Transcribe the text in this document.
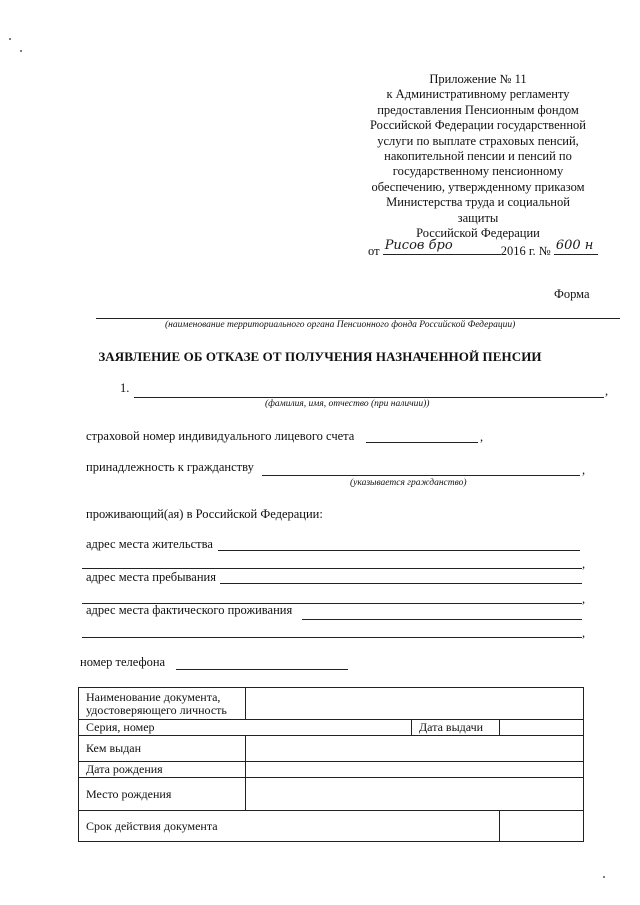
Приложение № 11
к Административному регламенту
предоставления Пенсионным фондом
Российской Федерации государственной
услуги по выплате страховых пенсий,
накопительной пенсии и пенсий по
государственному пенсионному
обеспечению, утвержденному приказом
Министерства труда и социальной
защиты
Российской Федерации
от Рисов бро	2016 г. № 600 н
Форма
(наименование территориального органа Пенсионного фонда Российской Федерации)
ЗАЯВЛЕНИЕ ОБ ОТКАЗЕ ОТ ПОЛУЧЕНИЯ НАЗНАЧЕННОЙ ПЕНСИИ
1.	,
(фамилия, имя, отчество (при наличии))
страховой номер индивидуального лицевого счета	,
принадлежность к гражданству	,
(указывается гражданство)
проживающий(ая) в Российской Федерации:
адрес места жительства
,
адрес места пребывания
,
адрес места фактического проживания
,
номер телефона
Наименование документа, удостоверяющего личность			
Серия, номер		Дата выдачи	
Кем выдан			
Дата рождения			
Место рождения			
Срок действия документа			
